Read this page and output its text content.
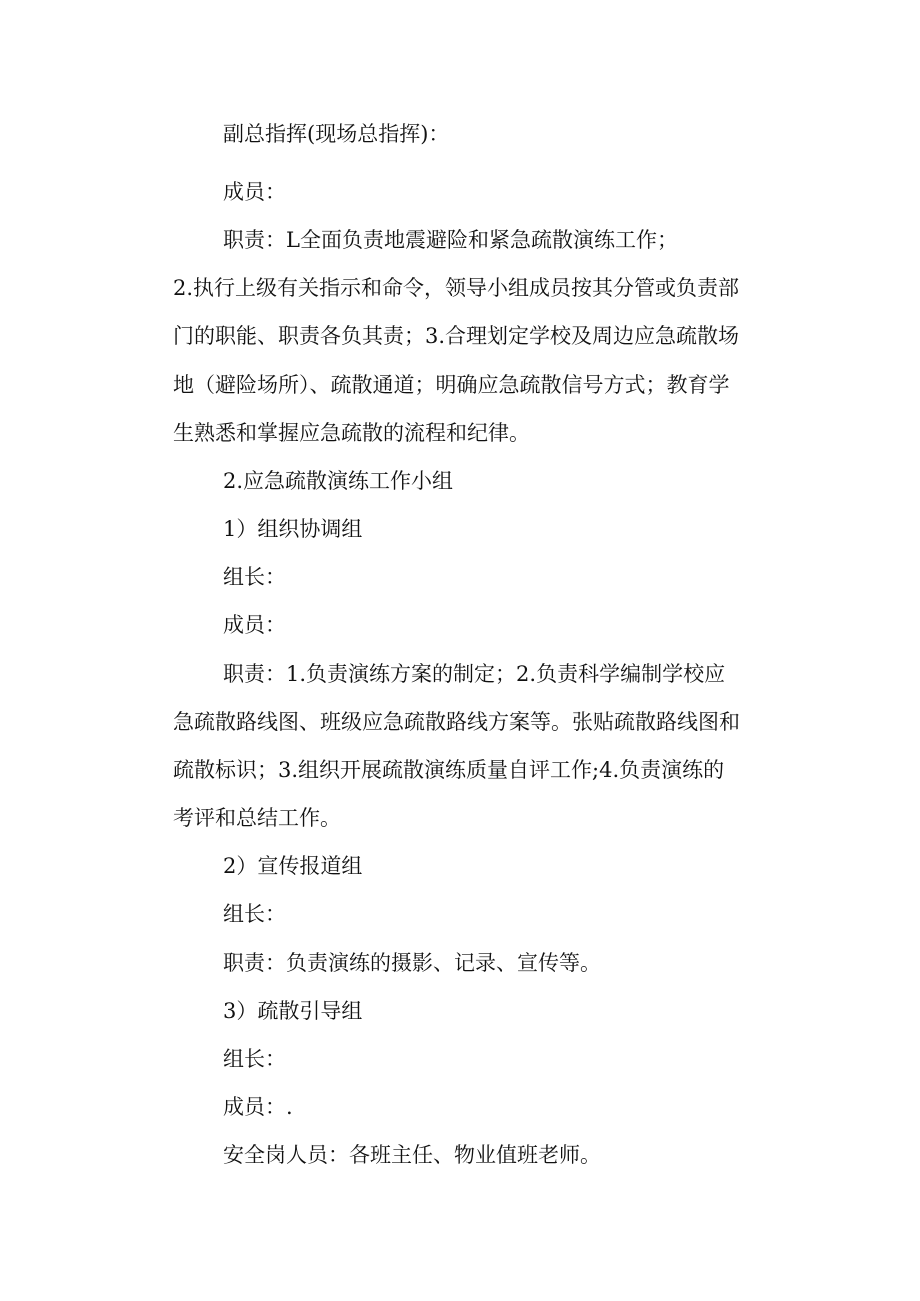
副总指挥(现场总指挥)：
成员：
职责：L全面负责地震避险和紧急疏散演练工作；
2.执行上级有关指示和命令，领导小组成员按其分管或负责部
门的职能、职责各负其责；3.合理划定学校及周边应急疏散场
地（避险场所）、疏散通道；明确应急疏散信号方式；教育学
生熟悉和掌握应急疏散的流程和纪律。
2.应急疏散演练工作小组
1）组织协调组
组长：
成员：
职责：1.负责演练方案的制定；2.负责科学编制学校应
急疏散路线图、班级应急疏散路线方案等。张贴疏散路线图和
疏散标识；3.组织开展疏散演练质量自评工作;4.负责演练的
考评和总结工作。
2）宣传报道组
组长：
职责：负责演练的摄影、记录、宣传等。
3）疏散引导组
组长：
成员：.
安全岗人员：各班主任、物业值班老师。
